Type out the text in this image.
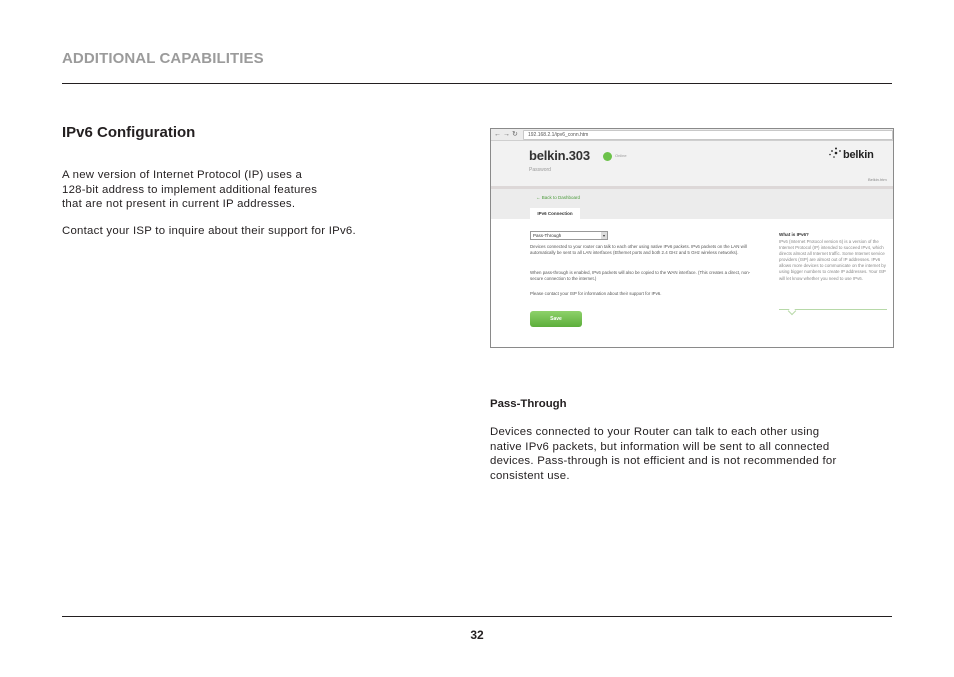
ADDITIONAL CAPABILITIES
IPv6 Configuration
A new version of Internet Protocol (IP) uses a
128-bit address to implement additional features
that are not present in current IP addresses.
Contact your ISP to inquire about their support for IPv6.
← → ↻ 192.168.2.1/ipv6_conn.htm
belkin.303	Online
Password
belkin
Belkin.htm
← Back to Dashboard
IPv6 Connection
Pass-Through	▾
Devices connected to your router can talk to each other using native IPv6 packets. IPv6 packets on the LAN will automatically be sent to all LAN interfaces (Ethernet ports and both 2.4 GHz and 5 GHz wireless networks).
When pass-through is enabled, IPv6 packets will also be copied to the WAN interface. (This creates a direct, non-secure connection to the internet.)
Please contact your ISP for information about their support for IPv6.
Save
What is IPv6?
IPv6 (Internet Protocol version 6) is a version of the Internet Protocol (IP) intended to succeed IPv4, which directs almost all Internet traffic. Some Internet service providers (ISP) are almost out of IP addresses. IPv6 allows more devices to communicate on the internet by using bigger numbers to create IP addresses. Your ISP will let know whether you need to use IPv6.
Pass-Through
Devices connected to your Router can talk to each other using
native IPv6 packets, but information will be sent to all connected
devices. Pass-through is not efficient and is not recommended for
consistent use.
32
